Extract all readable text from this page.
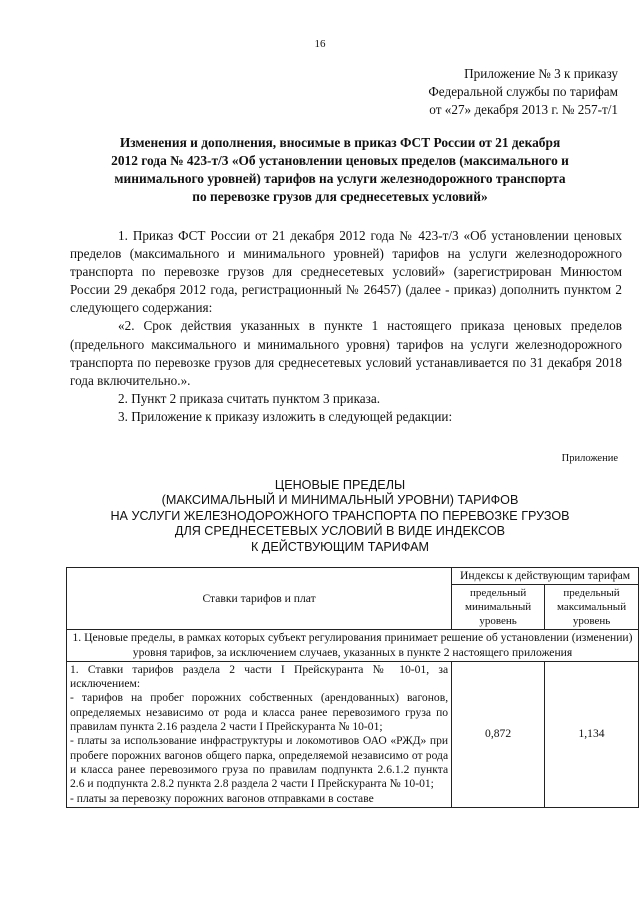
16
Приложение № 3 к приказу
Федеральной службы по тарифам
от «27» декабря 2013 г. № 257-т/1
Изменения и дополнения, вносимые в приказ ФСТ России от 21 декабря
2012 года № 423-т/3 «Об установлении ценовых пределов (максимального и
минимального уровней) тарифов на услуги железнодорожного транспорта
по перевозке грузов для среднесетевых условий»

1. Приказ ФСТ России от 21 декабря 2012 года № 423-т/3 «Об установлении ценовых пределов (максимального и минимального уровней) тарифов на услуги железнодорожного транспорта по перевозке грузов для среднесетевых условий» (зарегистрирован Минюстом России 29 декабря 2012 года, регистрационный № 26457) (далее - приказ) дополнить пунктом 2 следующего содержания:

«2. Срок действия указанных в пункте 1 настоящего приказа ценовых пределов (предельного максимального и минимального уровня) тарифов на услуги железнодорожного транспорта по перевозке грузов для среднесетевых условий устанавливается по 31 декабря 2018 года включительно.».

2. Пункт 2 приказа считать пунктом 3 приказа.

3. Приложение к приказу изложить в следующей редакции:

Приложение
ЦЕНОВЫЕ ПРЕДЕЛЫ
(МАКСИМАЛЬНЫЙ И МИНИМАЛЬНЫЙ УРОВНИ) ТАРИФОВ
НА УСЛУГИ ЖЕЛЕЗНОДОРОЖНОГО ТРАНСПОРТА ПО ПЕРЕВОЗКЕ ГРУЗОВ
ДЛЯ СРЕДНЕСЕТЕВЫХ УСЛОВИЙ В ВИДЕ ИНДЕКСОВ
К ДЕЙСТВУЮЩИМ ТАРИФАМ
Ставки тарифов и плат	Индексы к действующим тарифам	
	предельный минимальный уровень	предельный максимальный уровень
1. Ценовые пределы, в рамках которых субъект регулирования принимает решение об установлении (изменении) уровня тарифов, за исключением случаев, указанных в пункте 2 настоящего приложения		

1. Ставки тарифов раздела 2 части I Прейскуранта № 10-01, за исключением:
- тарифов на пробег порожних собственных (арендованных) вагонов, определяемых независимо от рода и класса ранее перевозимого груза по правилам пункта 2.16 раздела 2 части I Прейскуранта № 10-01;
- платы за использование инфраструктуры и локомотивов ОАО «РЖД» при пробеге порожних вагонов общего парка, определяемой независимо от рода и класса ранее перевозимого груза по правилам подпункта 2.6.1.2 пункта 2.6 и подпункта 2.8.2 пункта 2.8 раздела 2 части I Прейскуранта № 10-01;
- платы за перевозку порожних вагонов отправками в составе	0,872	1,134
